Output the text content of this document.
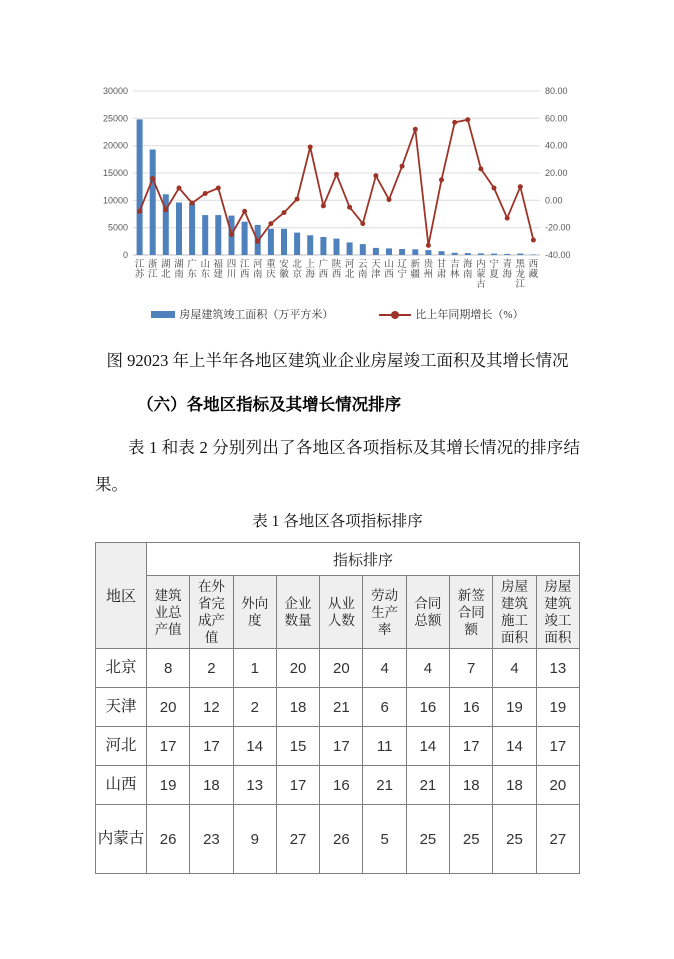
0
5000
10000
15000
20000
25000
30000
-40.00
-20.00
0.00
20.00
40.00
60.00
80.00
江苏
浙江
湖北
湖南
广东
山东
福建
四川
江西
河南
重庆
安徽
北京
上海
广西
陕西
河北
云南
天津
山西
辽宁
新疆
贵州
甘肃
吉林
海南
内蒙古
宁夏
青海
黑龙江
西藏
房屋建筑竣工面积（万平方米）	比上年同期增长（%）

图 92023 年上半年各地区建筑业企业房屋竣工面积及其增长情况

（六）各地区指标及其增长情况排序

表 1 和表 2 分别列出了各地区各项指标及其增长情况的排序结果。

表 1 各地区各项指标排序

地区	指标排序									
	建筑业总产值	在外省完成产值	外向度	企业数量	从业人数	劳动生产率	合同总额	新签合同额	房屋建筑施工面积	房屋建筑竣工面积
北京	8	2	1	20	20	4	4	7	4	13
天津	20	12	2	18	21	6	16	16	19	19
河北	17	17	14	15	17	11	14	17	14	17
山西	19	18	13	17	16	21	21	18	18	20
内蒙古	26	23	9	27	26	5	25	25	25	27
